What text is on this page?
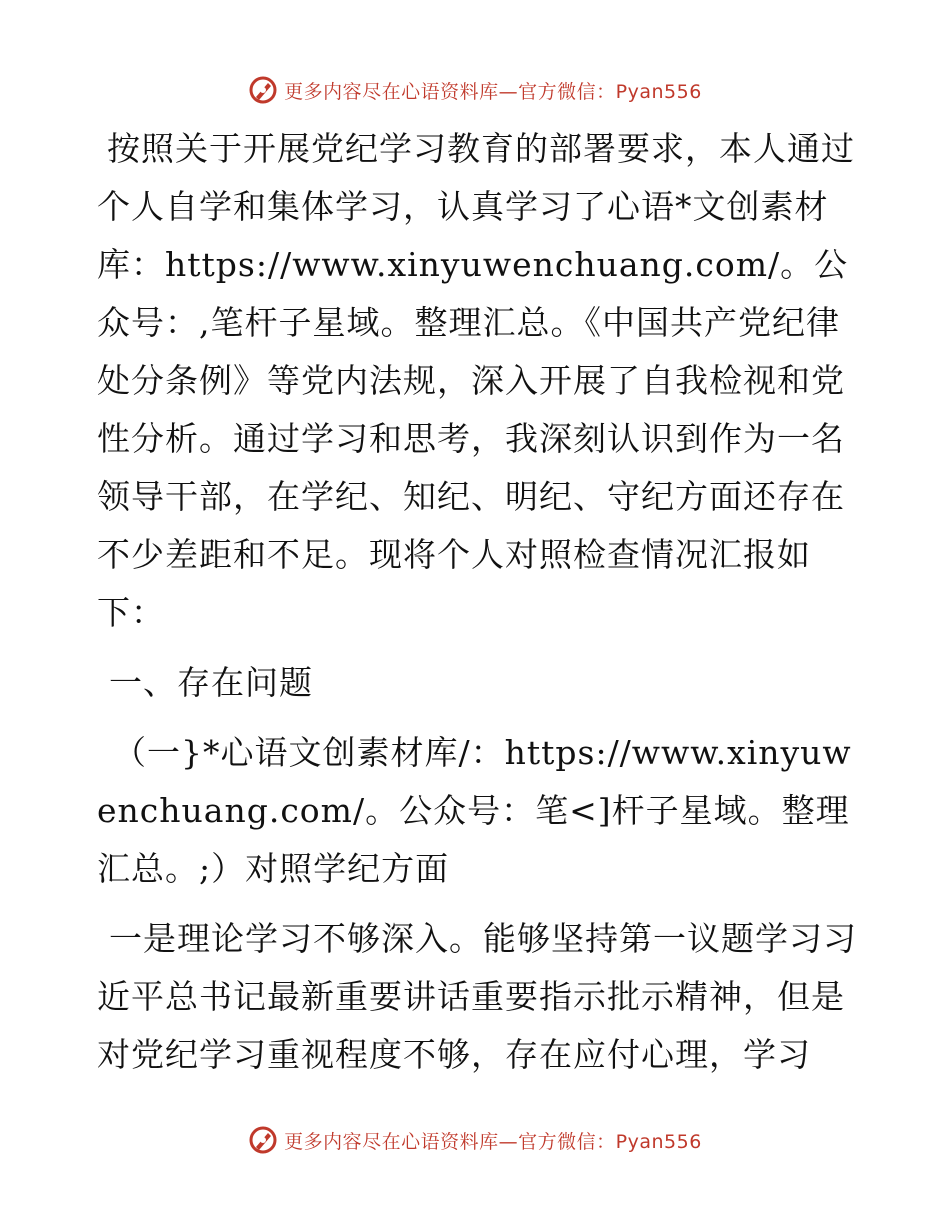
更多内容尽在心语资料库—官方微信：Pyan556

按照关于开展党纪学习教育的部署要求，本人通过个人自学和集体学习，认真学习了心语*文创素材库：https://www.xinyuwenchuang.com/。公众号：,笔杆子星域。整理汇总。《中国共产党纪律处分条例》等党内法规，深入开展了自我检视和党性分析。通过学习和思考，我深刻认识到作为一名领导干部，在学纪、知纪、明纪、守纪方面还存在不少差距和不足。现将个人对照检查情况汇报如下：

一、存在问题

（一}*心语文创素材库/：https://www.xinyuwenchuang.com/。公众号：笔<]杆子星域。整理汇总。;）对照学纪方面

一是理论学习不够深入。能够坚持第一议题学习习近平总书记最新重要讲话重要指示批示精神，但是对党纪学习重视程度不够，存在应付心理，学习

更多内容尽在心语资料库—官方微信：Pyan556
